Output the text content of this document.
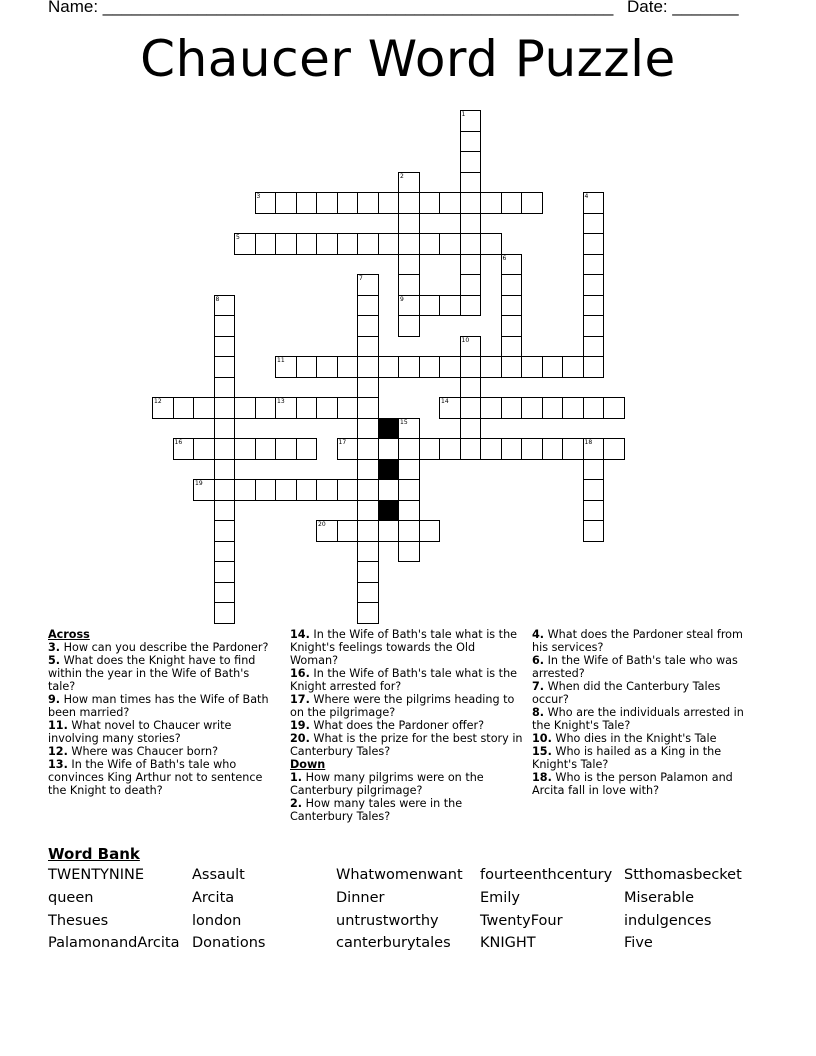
Name: ______________________________________________________ Date: _______
Chaucer Word Puzzle
1
2
9
3	4
5
6
7
8
10
11
12	13	14
15
16	17	18
19
20

Across

3. How can you describe the Pardoner?

5. What does the Knight have to find within the year in the Wife of Bath's tale?

9. How man times has the Wife of Bath been married?

11. What novel to Chaucer write involving many stories?

12. Where was Chaucer born?

13. In the Wife of Bath's tale who convinces King Arthur not to sentence the Knight to death?

14. In the Wife of Bath's tale what is the Knight's feelings towards the Old Woman?

16. In the Wife of Bath's tale what is the Knight arrested for?

17. Where were the pilgrims heading to on the pilgrimage?

19. What does the Pardoner offer?

20. What is the prize for the best story in Canterbury Tales?

Down

1. How many pilgrims were on the Canterbury pilgrimage?

2. How many tales were in the Canterbury Tales?

4. What does the Pardoner steal from his services?

6. In the Wife of Bath's tale who was arrested?

7. When did the Canterbury Tales occur?

8. Who are the individuals arrested in the Knight's Tale?

10. Who dies in the Knight's Tale

15. Who is hailed as a King in the Knight's Tale?

18. Who is the person Palamon and Arcita fall in love with?

Word Bank
TWENTYNINE	Assault	Whatwomenwant fourteenthcentury Stthomasbecket
queen	Arcita	Dinner	Emily	Miserable
Thesues	london	untrustworthy	TwentyFour	indulgences
PalamonandArcita Donations	canterburytales KNIGHT	Five
